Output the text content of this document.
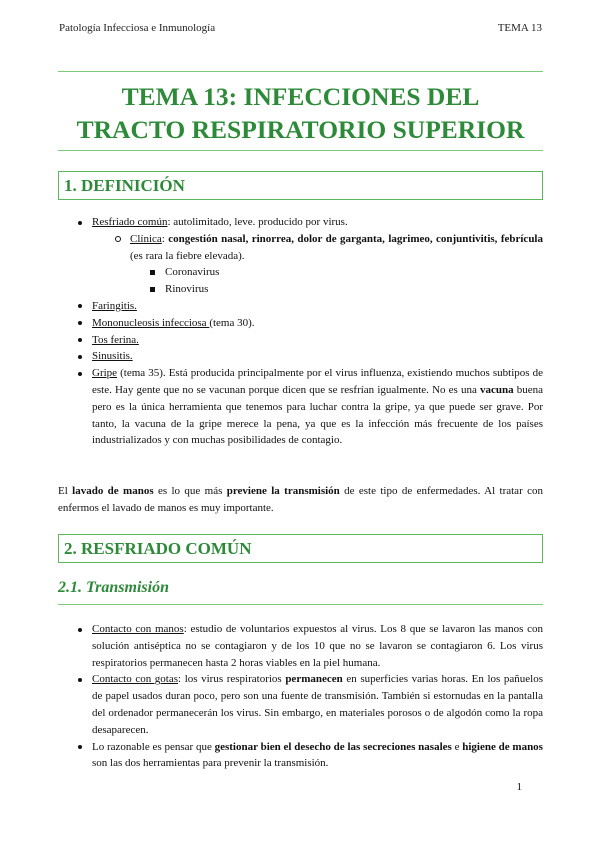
Patología Infecciosa e Inmunología	TEMA 13
TEMA 13: INFECCIONES DEL
TRACTO RESPIRATORIO SUPERIOR
1. DEFINICIÓN
Resfriado común: autolimitado, leve. producido por virus.
Clínica: congestión nasal, rinorrea, dolor de garganta, lagrimeo, conjuntivitis, febrícula (es rara la fiebre elevada).
Coronavirus
Rinovirus
Faringitis.
Mononucleosis infecciosa (tema 30).
Tos ferina.
Sinusitis.
Gripe (tema 35). Está producida principalmente por el virus influenza, existiendo muchos subtipos de este. Hay gente que no se vacunan porque dicen que se resfrían igualmente. No es una vacuna buena pero es la única herramienta que tenemos para luchar contra la gripe, ya que puede ser grave. Por tanto, la vacuna de la gripe merece la pena, ya que es la infección más frecuente de los países industrializados y con muchas posibilidades de contagio.
El lavado de manos es lo que más previene la transmisión de este tipo de enfermedades. Al tratar con enfermos el lavado de manos es muy importante.
2. RESFRIADO COMÚN
2.1. Transmisión
Contacto con manos: estudio de voluntarios expuestos al virus. Los 8 que se lavaron las manos con solución antiséptica no se contagiaron y de los 10 que no se lavaron se contagiaron 6. Los virus respiratorios permanecen hasta 2 horas viables en la piel humana.
Contacto con gotas: los virus respiratorios permanecen en superficies varias horas. En los pañuelos de papel usados duran poco, pero son una fuente de transmisión. También si estornudas en la pantalla del ordenador permanecerán los virus. Sin embargo, en materiales porosos o de algodón como la ropa desaparecen.
Lo razonable es pensar que gestionar bien el desecho de las secreciones nasales e higiene de manos son las dos herramientas para prevenir la transmisión.
1
